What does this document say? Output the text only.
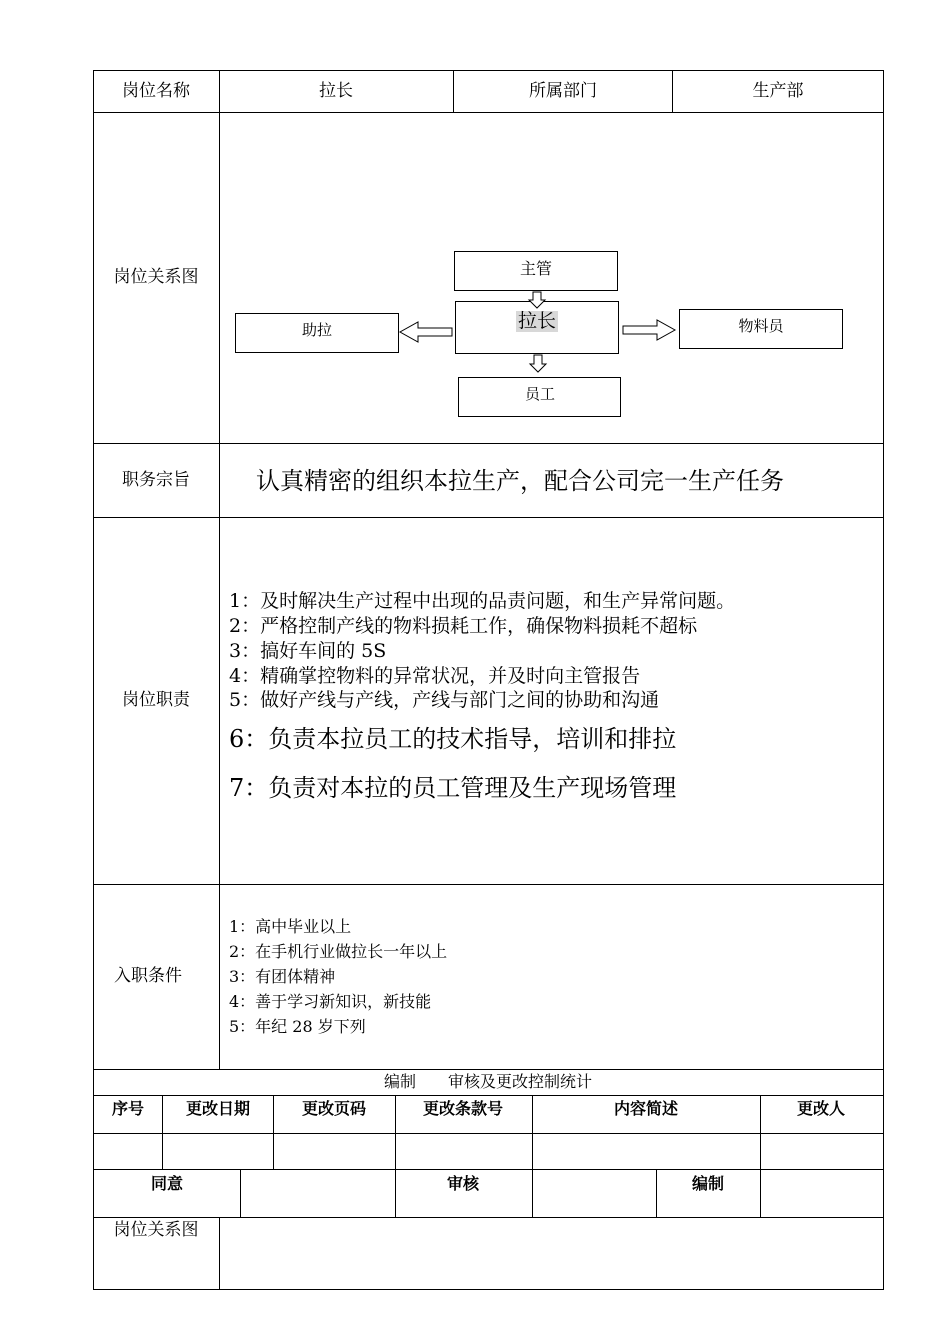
岗位名称	拉长	所属部门	生产部
岗位关系图	主管
拉长
助拉	物料员
员工
职务宗旨	认真精密的组织本拉生产，配合公司完一生产任务
岗位职责
1：及时解决生产过程中出现的品责问题，和生产异常问题。
2：严格控制产线的物料损耗工作，确保物料损耗不超标
3：搞好车间的 5S
4：精确掌控物料的异常状况，并及时向主管报告
5：做好产线与产线，产线与部门之间的协助和沟通
6：负责本拉员工的技术指导，培训和排拉
7：负责对本拉的员工管理及生产现场管理
入职条件
1：高中毕业以上
2：在手机行业做拉长一年以上
3：有团体精神
4：善于学习新知识，新技能
5：年纪 28 岁下列
编制　　审核及更改控制统计
序号	更改日期	更改页码	更改条款号	内容简述	更改人
同意	审核	编制
岗位关系图
